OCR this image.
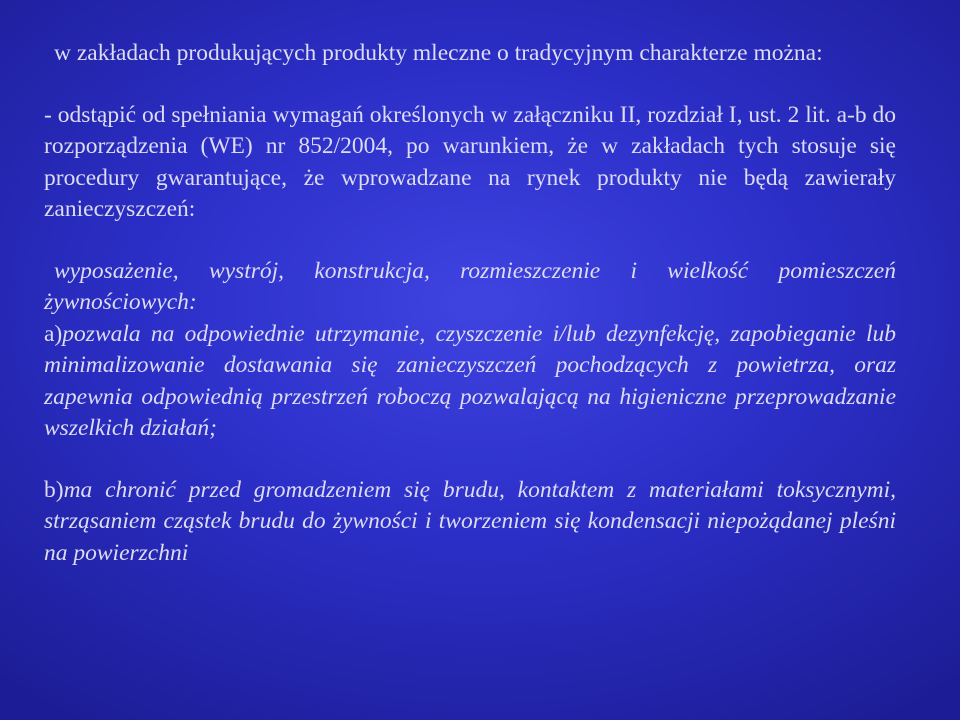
w zakładach produkujących produkty mleczne o tradycyjnym charakterze można:

- odstąpić od spełniania wymagań określonych w załączniku II, rozdział I, ust. 2 lit. a-b do rozporządzenia (WE) nr 852/2004, po warunkiem, że w zakładach tych stosuje się procedury gwarantujące, że wprowadzane na rynek produkty nie będą zawierały zanieczyszczeń:

wyposażenie, wystrój, konstrukcja, rozmieszczenie i wielkość pomieszczeń żywnościowych:

a)pozwala na odpowiednie utrzymanie, czyszczenie i/lub dezynfekcję, zapobieganie lub minimalizowanie dostawania się zanieczyszczeń pochodzących z powietrza, oraz zapewnia odpowiednią przestrzeń roboczą pozwalającą na higieniczne przeprowadzanie wszelkich działań;

b)ma chronić przed gromadzeniem się brudu, kontaktem z materiałami toksycznymi, strząsaniem cząstek brudu do żywności i tworzeniem się kondensacji niepożądanej pleśni na powierzchni
